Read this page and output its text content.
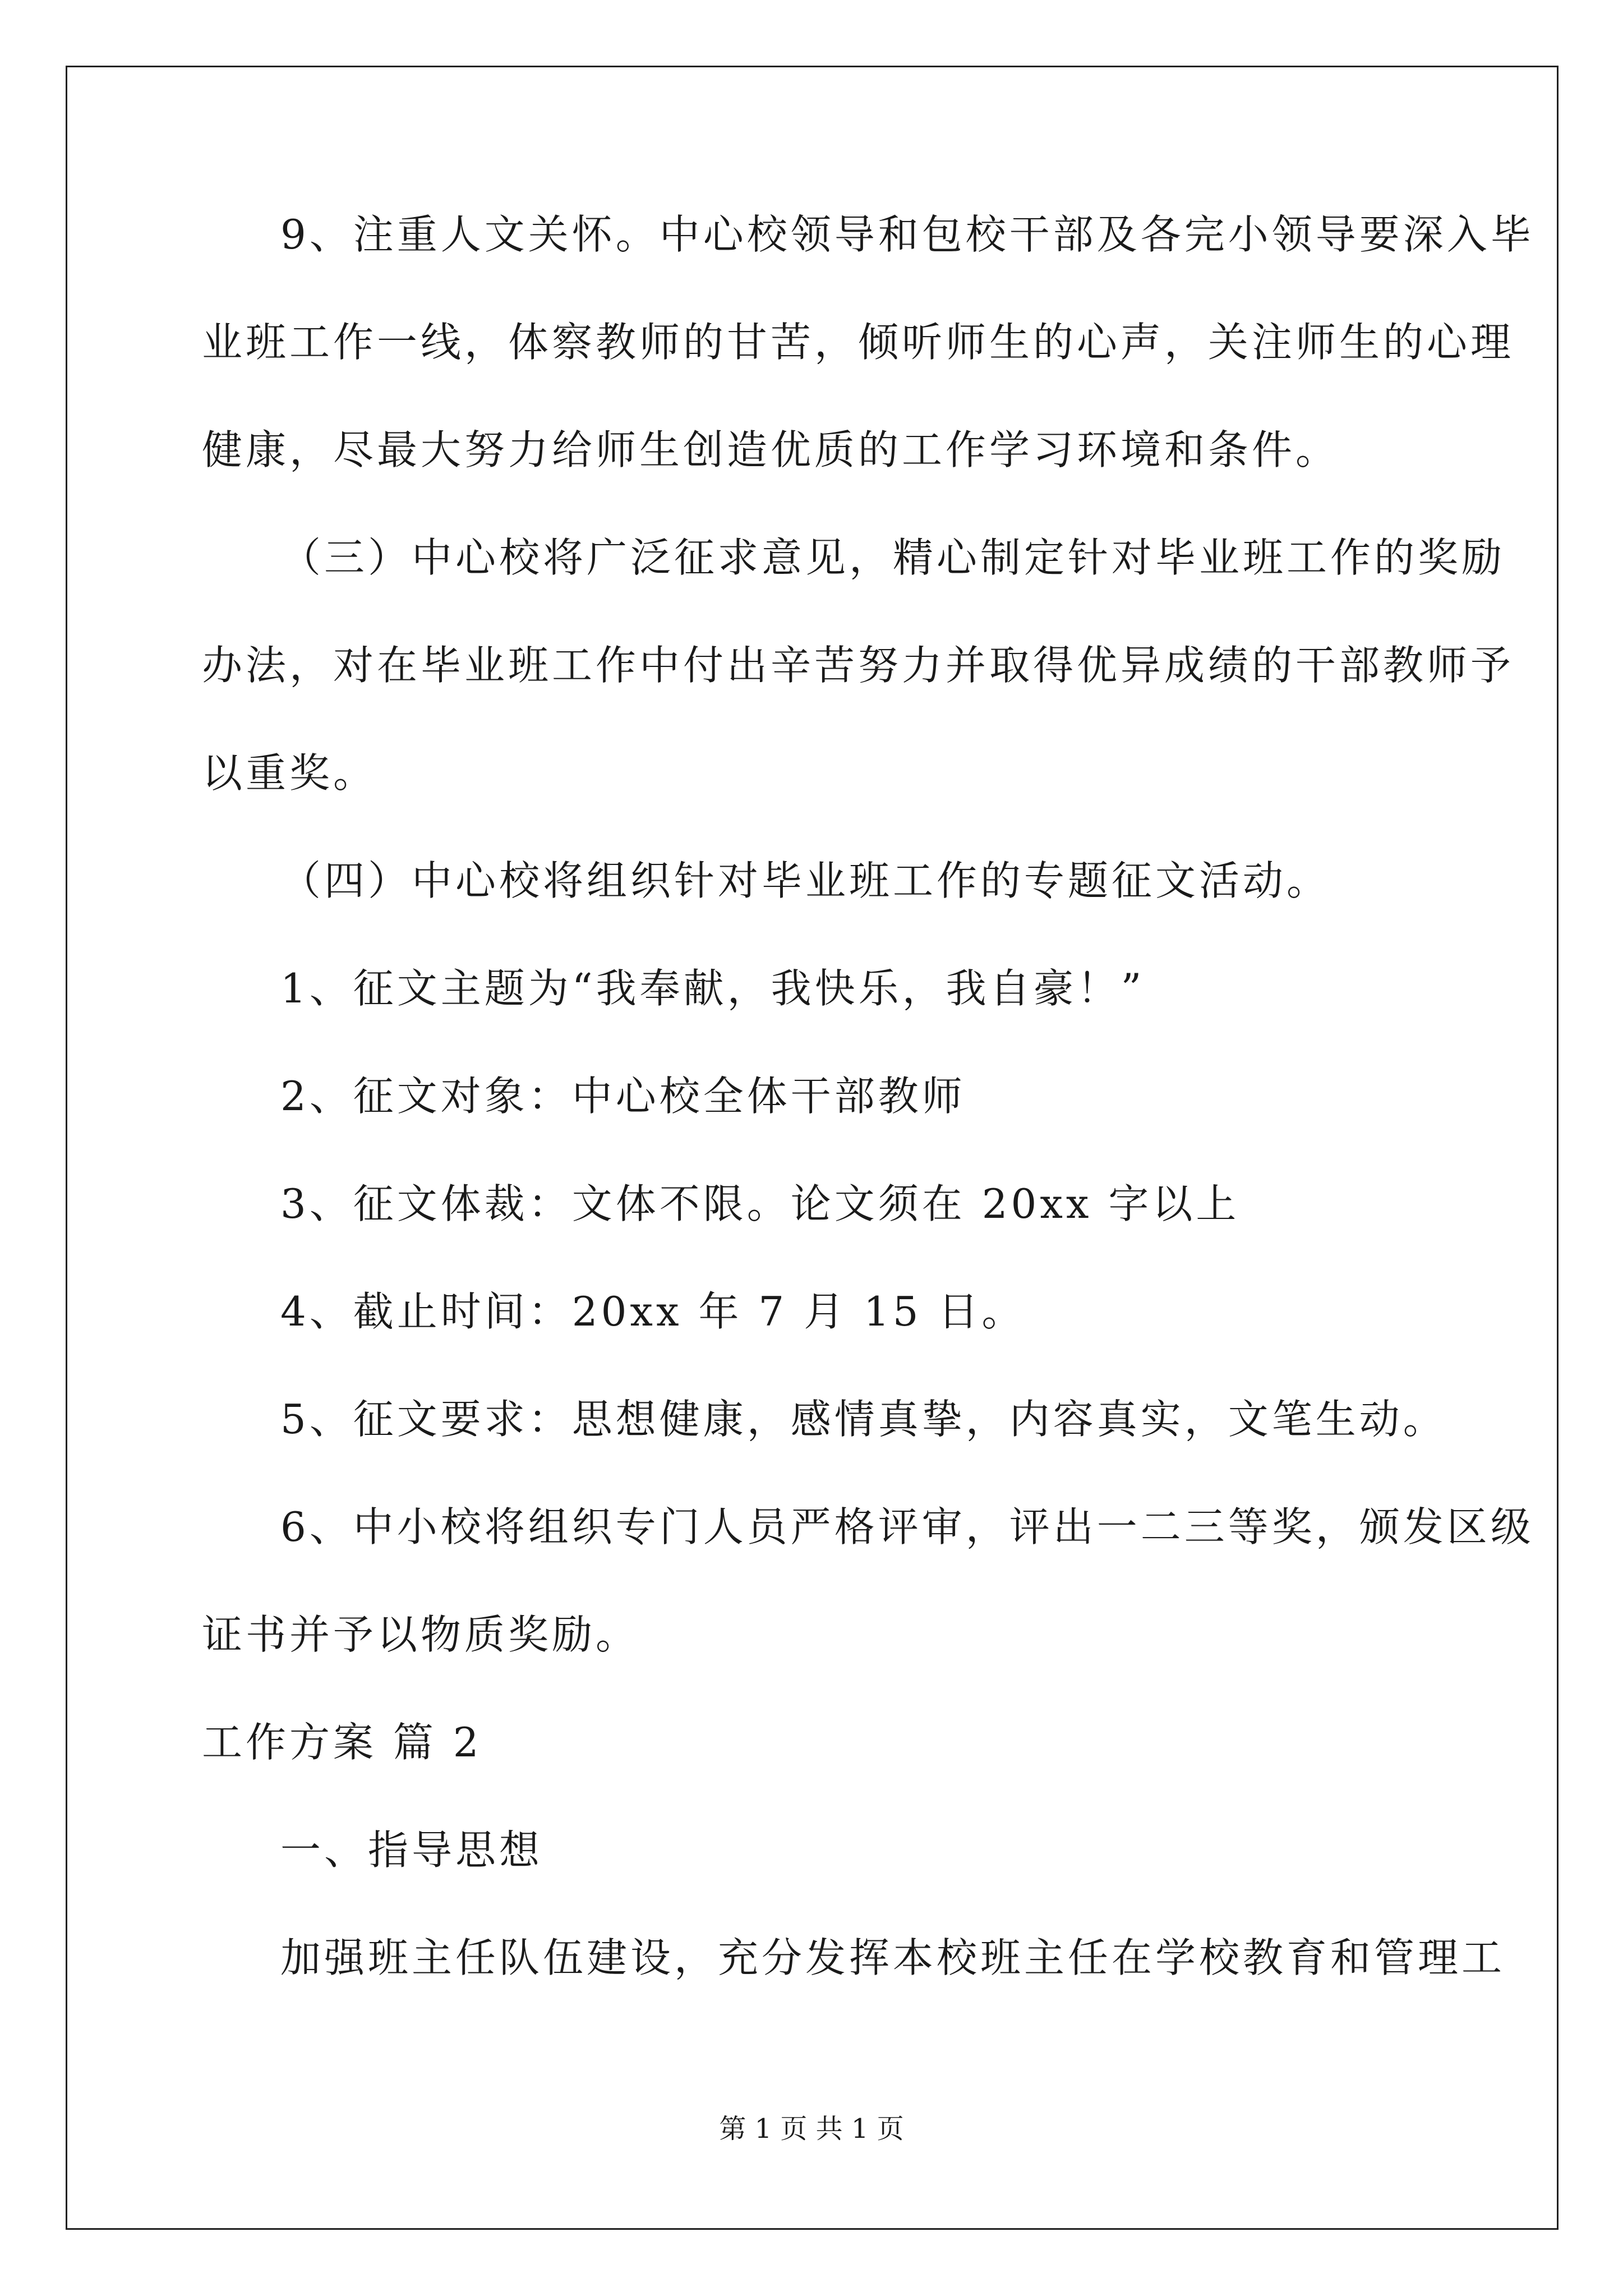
9、注重人文关怀。中心校领导和包校干部及各完小领导要深入毕

业班工作一线，体察教师的甘苦，倾听师生的心声，关注师生的心理

健康，尽最大努力给师生创造优质的工作学习环境和条件。

（三）中心校将广泛征求意见，精心制定针对毕业班工作的奖励

办法，对在毕业班工作中付出辛苦努力并取得优异成绩的干部教师予

以重奖。

（四）中心校将组织针对毕业班工作的专题征文活动。

1、征文主题为“我奉献，我快乐，我自豪！”

2、征文对象：中心校全体干部教师

3、征文体裁：文体不限。论文须在 20xx 字以上

4、截止时间：20xx 年 7 月 15 日。

5、征文要求：思想健康，感情真挚，内容真实，文笔生动。

6、中小校将组织专门人员严格评审，评出一二三等奖，颁发区级

证书并予以物质奖励。

工作方案 篇 2

一、指导思想

加强班主任队伍建设，充分发挥本校班主任在学校教育和管理工

第 1 页 共 1 页
